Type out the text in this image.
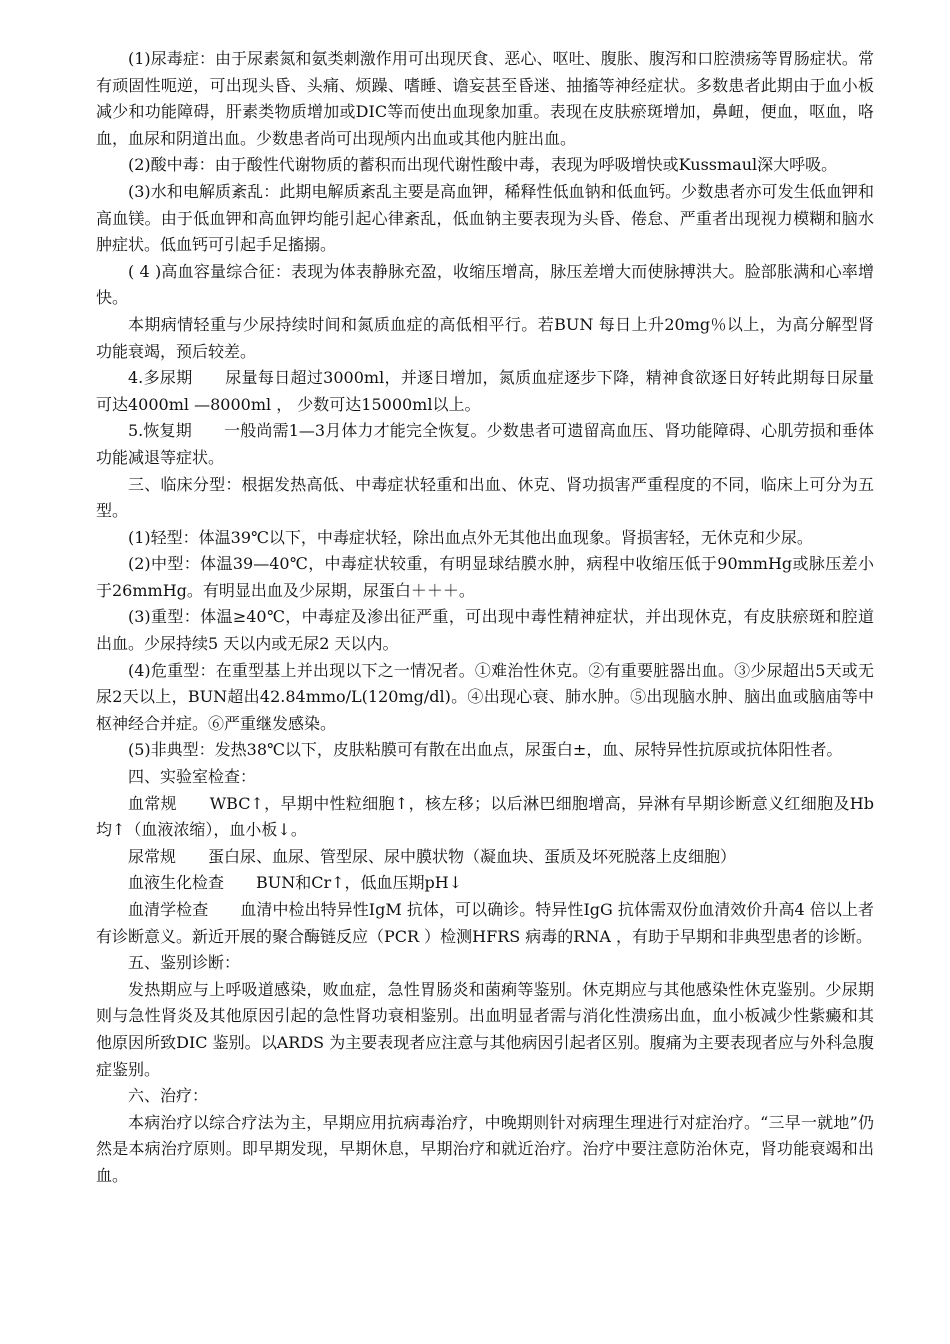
(1)尿毒症：由于尿素氮和氨类刺激作用可出现厌食、恶心、呕吐、腹胀、腹泻和口腔溃疡等胃肠症状。常有顽固性呃逆，可出现头昏、头痛、烦躁、嗜睡、谵妄甚至昏迷、抽搐等神经症状。多数患者此期由于血小板减少和功能障碍，肝素类物质增加或DIC等而使出血现象加重。表现在皮肤瘀斑增加，鼻衄，便血，呕血，咯血，血尿和阴道出血。少数患者尚可出现颅内出血或其他内脏出血。

(2)酸中毒：由于酸性代谢物质的蓄积而出现代谢性酸中毒，表现为呼吸增快或Kussmaul深大呼吸。

(3)水和电解质紊乱：此期电解质紊乱主要是高血钾，稀释性低血钠和低血钙。少数患者亦可发生低血钾和高血镁。由于低血钾和高血钾均能引起心律紊乱，低血钠主要表现为头昏、倦怠、严重者出现视力模糊和脑水肿症状。低血钙可引起手足搐搦。

( 4 )高血容量综合征：表现为体表静脉充盈，收缩压增高，脉压差增大而使脉搏洪大。脸部胀满和心率增快。

本期病情轻重与少尿持续时间和氮质血症的高低相平行。若BUN 每日上升20mg％以上，为高分解型肾功能衰竭，预后较差。

4.多尿期　　尿量每日超过3000ml，并逐日增加，氮质血症逐步下降，精神食欲逐日好转此期每日尿量可达4000ml —8000ml ， 少数可达15000ml以上。

5.恢复期　　一般尚需1—3月体力才能完全恢复。少数患者可遗留高血压、肾功能障碍、心肌劳损和垂体功能减退等症状。

三、临床分型：根据发热高低、中毒症状轻重和出血、休克、肾功损害严重程度的不同，临床上可分为五型。

(1)轻型：体温39℃以下，中毒症状轻，除出血点外无其他出血现象。肾损害轻，无休克和少尿。

(2)中型：体温39—40℃，中毒症状较重，有明显球结膜水肿，病程中收缩压低于90mmHg或脉压差小于26mmHg。有明显出血及少尿期，尿蛋白＋＋＋。

(3)重型：体温≥40℃，中毒症及渗出征严重，可出现中毒性精神症状，并出现休克，有皮肤瘀斑和腔道出血。少尿持续5 天以内或无尿2 天以内。

(4)危重型：在重型基上并出现以下之一情况者。①难治性休克。②有重要脏器出血。③少尿超出5天或无尿2天以上，BUN超出42.84mmo/L(120mg/dl)。④出现心衰、肺水肿。⑤出现脑水肿、脑出血或脑庙等中枢神经合并症。⑥严重继发感染。

(5)非典型：发热38℃以下，皮肤粘膜可有散在出血点，尿蛋白±，血、尿特异性抗原或抗体阳性者。

四、实验室检查：

血常规　　WBC↑，早期中性粒细胞↑，核左移；以后淋巴细胞增高，异淋有早期诊断意义红细胞及Hb均↑（血液浓缩），血小板↓。

尿常规　　蛋白尿、血尿、管型尿、尿中膜状物（凝血块、蛋质及坏死脱落上皮细胞）

血液生化检查　　BUN和Cr↑，低血压期pH↓

血清学检查　　血清中检出特异性IgM 抗体，可以确诊。特异性IgG 抗体需双份血清效价升高4 倍以上者有诊断意义。新近开展的聚合酶链反应（PCR ）检测HFRS 病毒的RNA ，有助于早期和非典型患者的诊断。

五、鉴别诊断：

发热期应与上呼吸道感染，败血症，急性胃肠炎和菌痢等鉴别。休克期应与其他感染性休克鉴别。少尿期则与急性肾炎及其他原因引起的急性肾功衰相鉴别。出血明显者需与消化性溃疡出血，血小板减少性紫癜和其他原因所致DIC 鉴别。以ARDS 为主要表现者应注意与其他病因引起者区别。腹痛为主要表现者应与外科急腹症鉴别。

六、治疗：

本病治疗以综合疗法为主，早期应用抗病毒治疗，中晚期则针对病理生理进行对症治疗。“三早一就地”仍然是本病治疗原则。即早期发现，早期休息，早期治疗和就近治疗。治疗中要注意防治休克，肾功能衰竭和出血。
